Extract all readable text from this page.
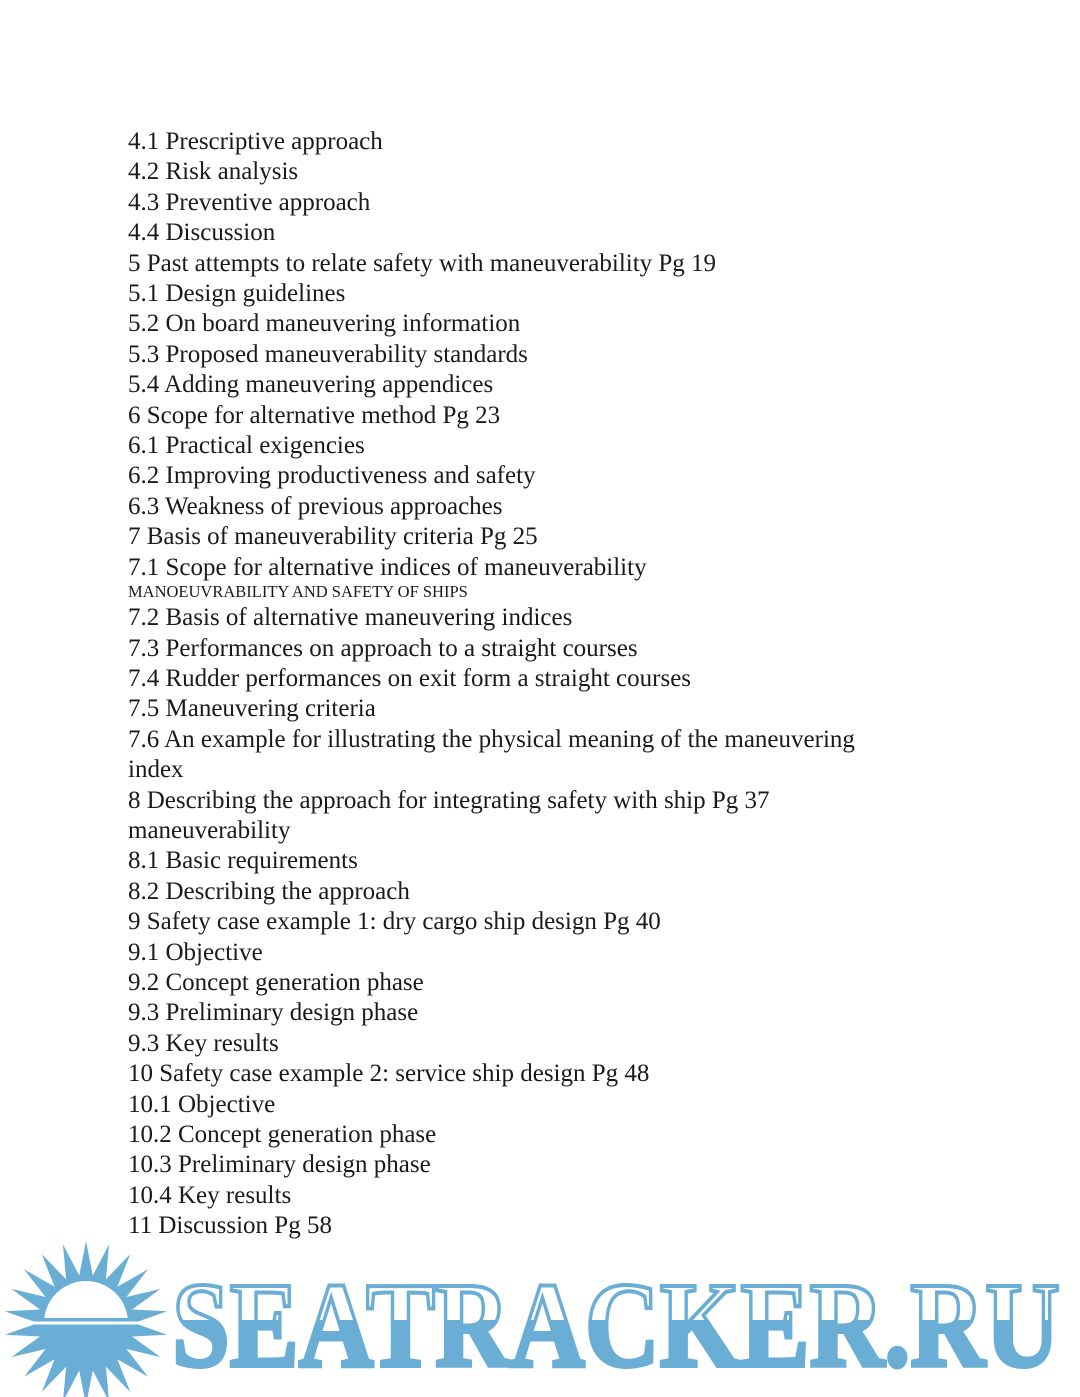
4.1 Prescriptive approach
4.2 Risk analysis
4.3 Preventive approach
4.4 Discussion
5 Past attempts to relate safety with maneuverability Pg 19
5.1 Design guidelines
5.2 On board maneuvering information
5.3 Proposed maneuverability standards
5.4 Adding maneuvering appendices
6 Scope for alternative method Pg 23
6.1 Practical exigencies
6.2 Improving productiveness and safety
6.3 Weakness of previous approaches
7 Basis of maneuverability criteria Pg 25
7.1 Scope for alternative indices of maneuverability
MANOEUVRABILITY AND SAFETY OF SHIPS
7.2 Basis of alternative maneuvering indices
7.3 Performances on approach to a straight courses
7.4 Rudder performances on exit form a straight courses
7.5 Maneuvering criteria
7.6 An example for illustrating the physical meaning of the maneuvering
index
8 Describing the approach for integrating safety with ship Pg 37
maneuverability
8.1 Basic requirements
8.2 Describing the approach
9 Safety case example 1: dry cargo ship design Pg 40
9.1 Objective
9.2 Concept generation phase
9.3 Preliminary design phase
9.3 Key results
10 Safety case example 2: service ship design Pg 48
10.1 Objective
10.2 Concept generation phase
10.3 Preliminary design phase
10.4 Key results
11 Discussion Pg 58
SEATRACKER.RU
